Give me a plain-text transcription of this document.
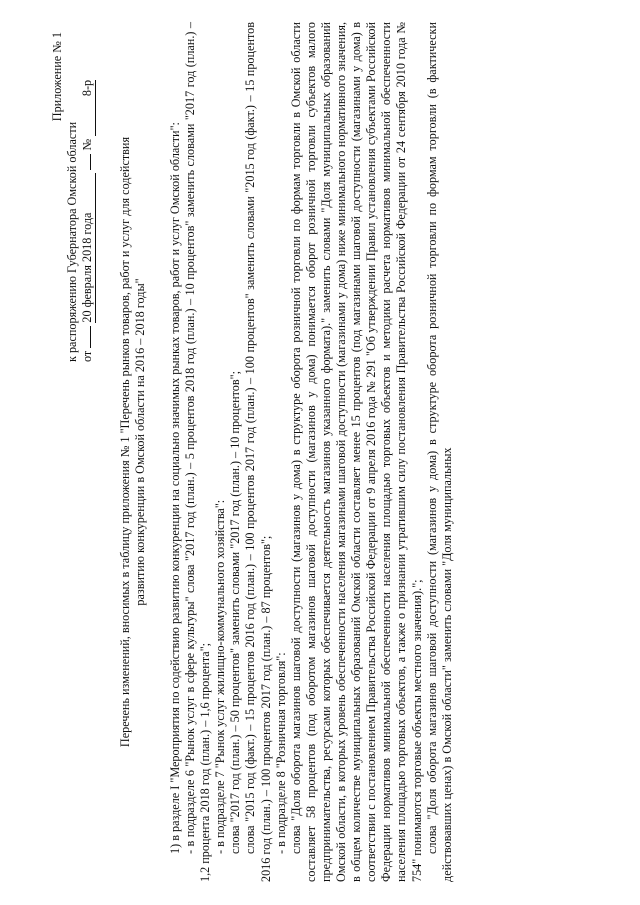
Приложение № 1
к распоряжению Губернатора Омской области от  20 февраля 2018 года  № 8-р
Перечень изменений, вносимых в таблицу приложения № 1 "Перечень рынков товаров, работ и услуг для содействия развитию конкуренции в Омской области на 2016 – 2018 годы" 1) в разделе I "Мероприятия по содействию развитию конкуренции на социально значимых рынках товаров, работ и услуг Омской области": - в подразделе 6 "Рынок услуг в сфере культуры" слова "2017 год (план.) – 5 процентов 2018 год (план.) – 10 процентов" заменить словами "2017 год (план.) – 1,2 процента 2018 год (план.) – 1,6 процента"; - в подразделе 7 "Рынок услуг жилищно-коммунального хозяйства": слова "2017 год (план.) – 50 процентов" заменить словами "2017 год (план.) – 10 процентов"; слова "2015 год (факт.) – 15 процентов 2016 год (план.) – 100 процентов 2017 год (план.) – 100 процентов" заменить словами "2015 год (факт.) – 15 процентов 2016 год (план.) – 100 процентов 2017 год (план.) – 87 процентов"; - в подразделе 8 "Розничная торговля": слова "Доля оборота магазинов шаговой доступности (магазинов у дома) в структуре оборота розничной торговли по формам торговли в Омской области составляет 58 процентов (под оборотом магазинов шаговой доступности (магазинов у дома) понимается оборот розничной торговли субъектов малого предпринимательства, ресурсами которых обеспечивается деятельность магазинов указанного формата)." заменить словами "Доля муниципальных образований Омской области, в которых уровень обеспеченности населения магазинами шаговой доступности (магазинами у дома) ниже минимального нормативного значения, в общем количестве муниципальных образований Омской области составляет менее 15 процентов (под магазинами шаговой доступности (магазинами у дома) в соответствии с постановлением Правительства Российской Федерации от 9 апреля 2016 года № 291 "Об утверждении Правил установления субъектами Российской Федерации нормативов минимальной обеспеченности населения площадью торговых объектов и методики расчета нормативов минимальной обеспеченности населения площадью торговых объектов, а также о признании утратившим силу постановления Правительства Российской Федерации от 24 сентября 2010 года № 754" понимаются торговые объекты местного значения)."; слова "Доля оборота магазинов шаговой доступности (магазинов у дома) в структуре оборота розничной торговли по формам торговли (в фактически действовавших ценах) в Омской области" заменить словами "Доля муниципальных
